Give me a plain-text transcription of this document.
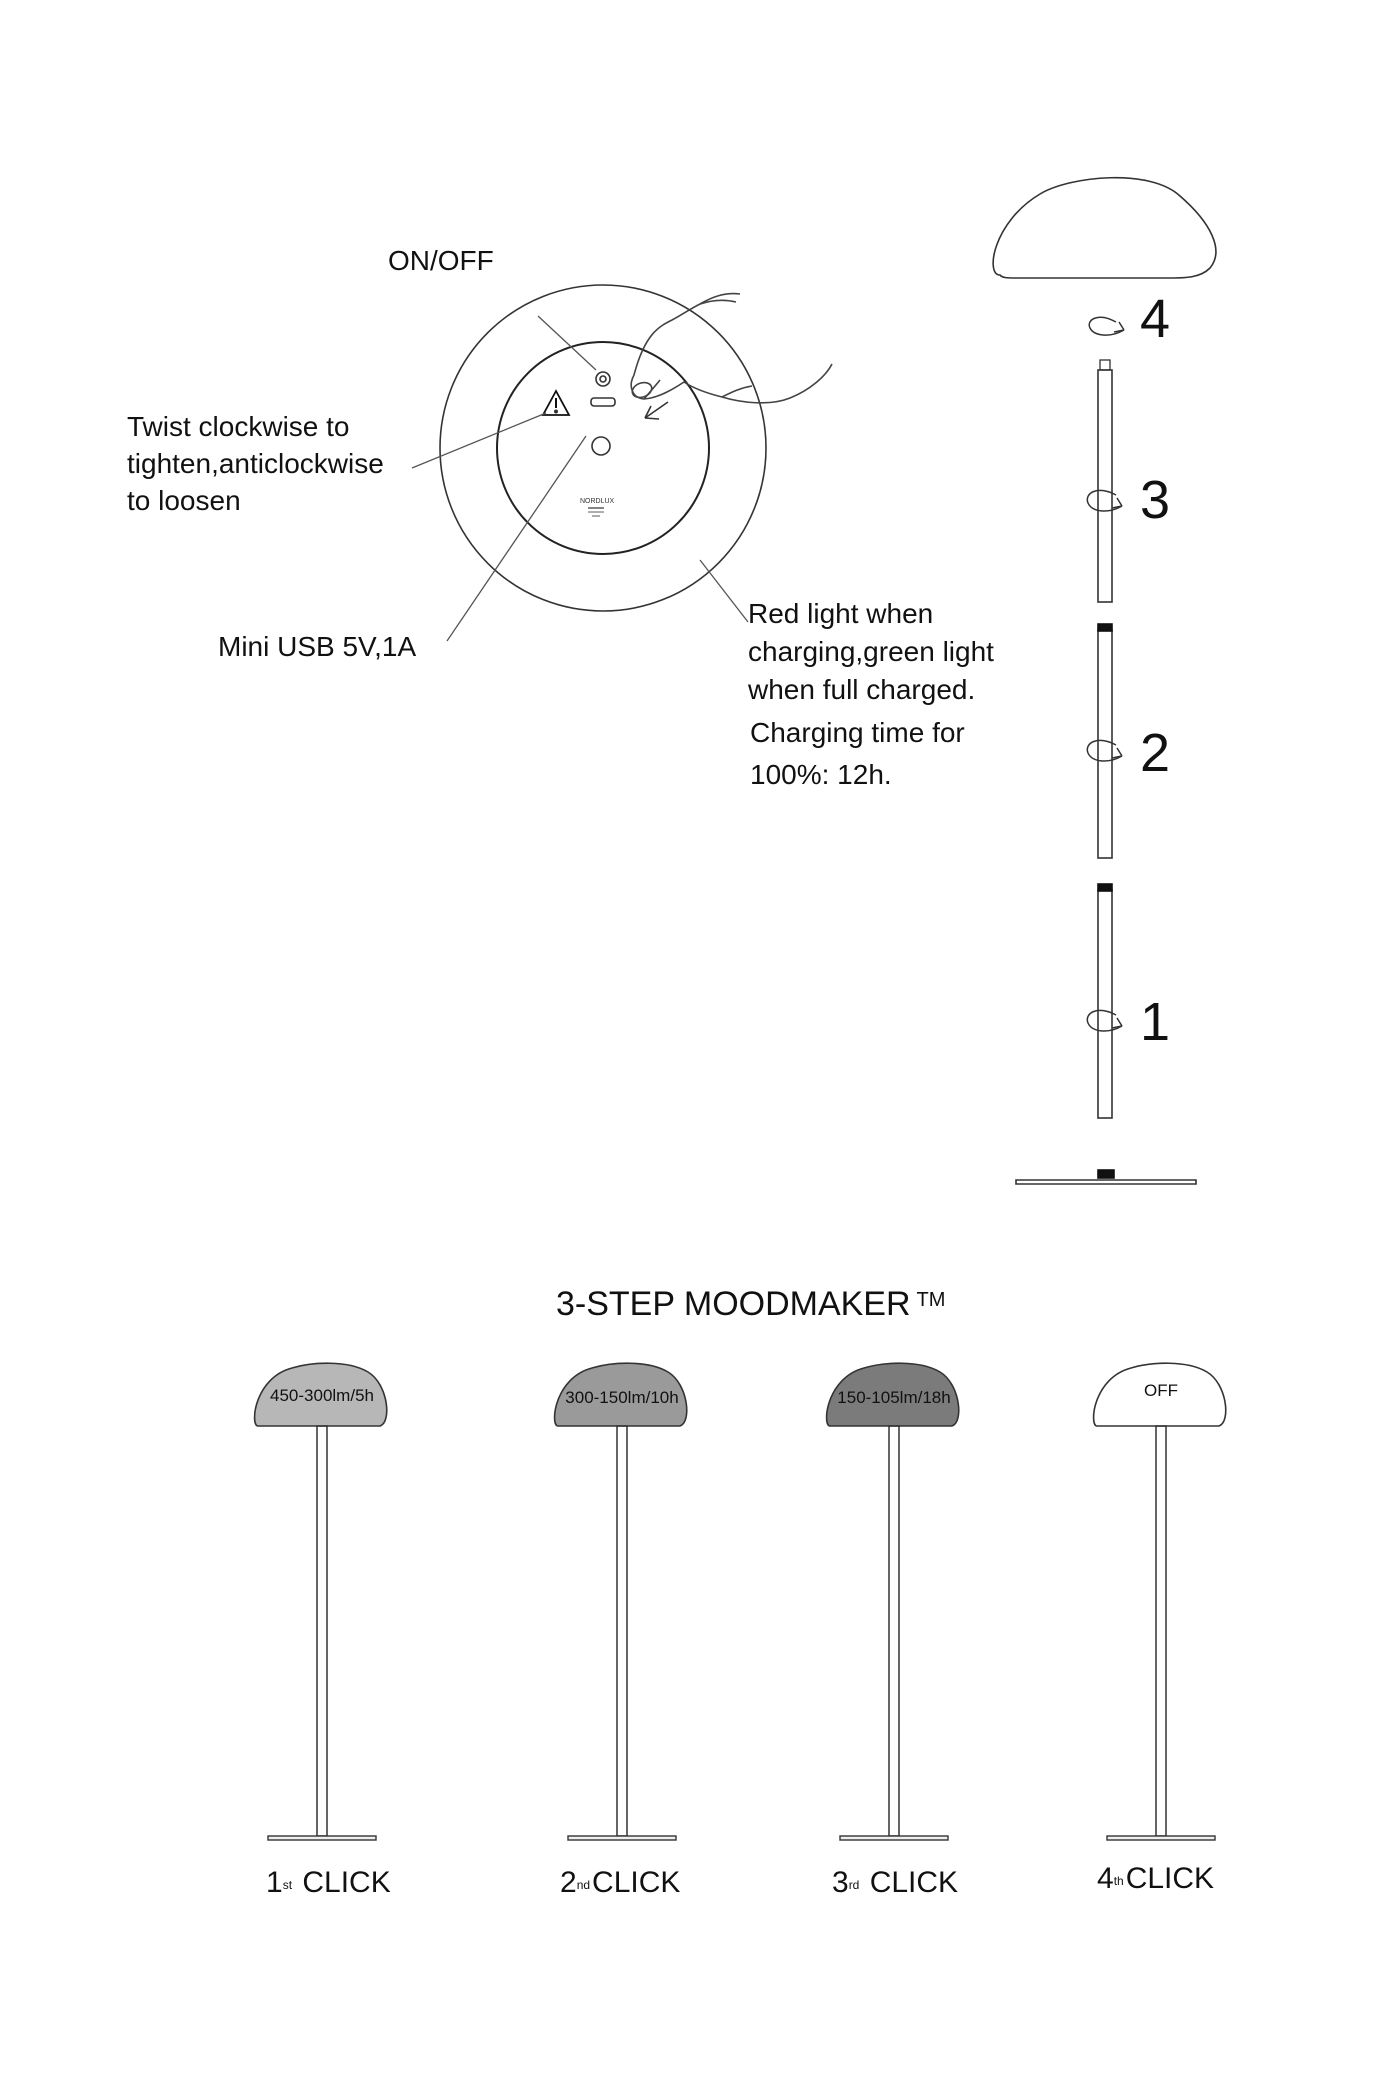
ON/OFF
Twist clockwise to
tighten,anticlockwise
to loosen
Mini USB 5V,1A
Red light when
charging,green light
when full charged.
Charging time for
100%: 12h.
NORDLUX
4
3
2
1
3-STEP MOODMAKER ™
450-300lm/5h	300-150lm/10h	150-105lm/18h	OFF
1st CLICK	2ndCLICK	3rd CLICK	4thCLICK
